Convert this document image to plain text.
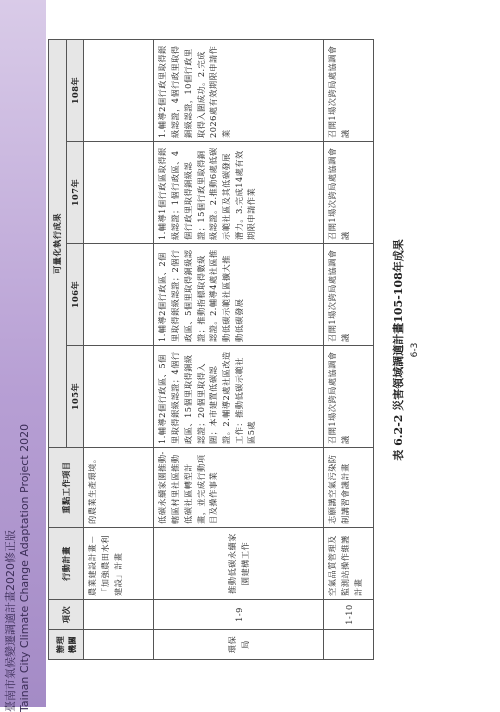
臺南市氣候變遷調適計畫2020修正版 Tainan City Climate Change Adaptation Project 2020	辦理機關	項次	行動計畫	重點工作項目	可量化執行成果			
				105年	106年	107年	108年
		農業建設計畫－「加強農田水利建設」計畫	的農業生產環境。				
環保局	1-9	推動低碳永續家園建構工作	低碳永續家園推動-轄區村里社區推動低碳社區轉型計畫，並完成行動項目及操作事業	1.輔導2個行政區、5個里取得銀級認證；4個行政區、15個里取得銅級認證；20個里取得入圍；本市建置低碳認證。2.輔導2處社區改造工作：推動低碳示範社區5處	1.輔導2個行政區、2個里取得銀級認證；2個行政區、5個里取得銅級認證；推動指標取得數級認證。2.輔導4處社區推動低碳示範社區擴大推動低碳發展	1.輔導1個行政區取得銀級認證；1個行政區、4個行政里取得銅級認證；15個行政里取得銅級認證。2.推動6處低碳示範社區及其低碳發展潛力。3.完成14處有效期限申請作業	1.輔導2個行政里取得銀級認證，4個行政里取得銅級認證，10個行政里取得入圍成功。2.完成2026處有效期限申請作業
	1-10	空氣品質管理及監測站操作維護計畫	志願講空氣污染防制講習會議計畫	召開1場次跨局處協調會議	召開1場次跨局處協調會議	召開1場次跨局處協調會議	召開1場次跨局處協調會議
表 6.2-2 災害領域調適計畫105-108年成果 6-3
